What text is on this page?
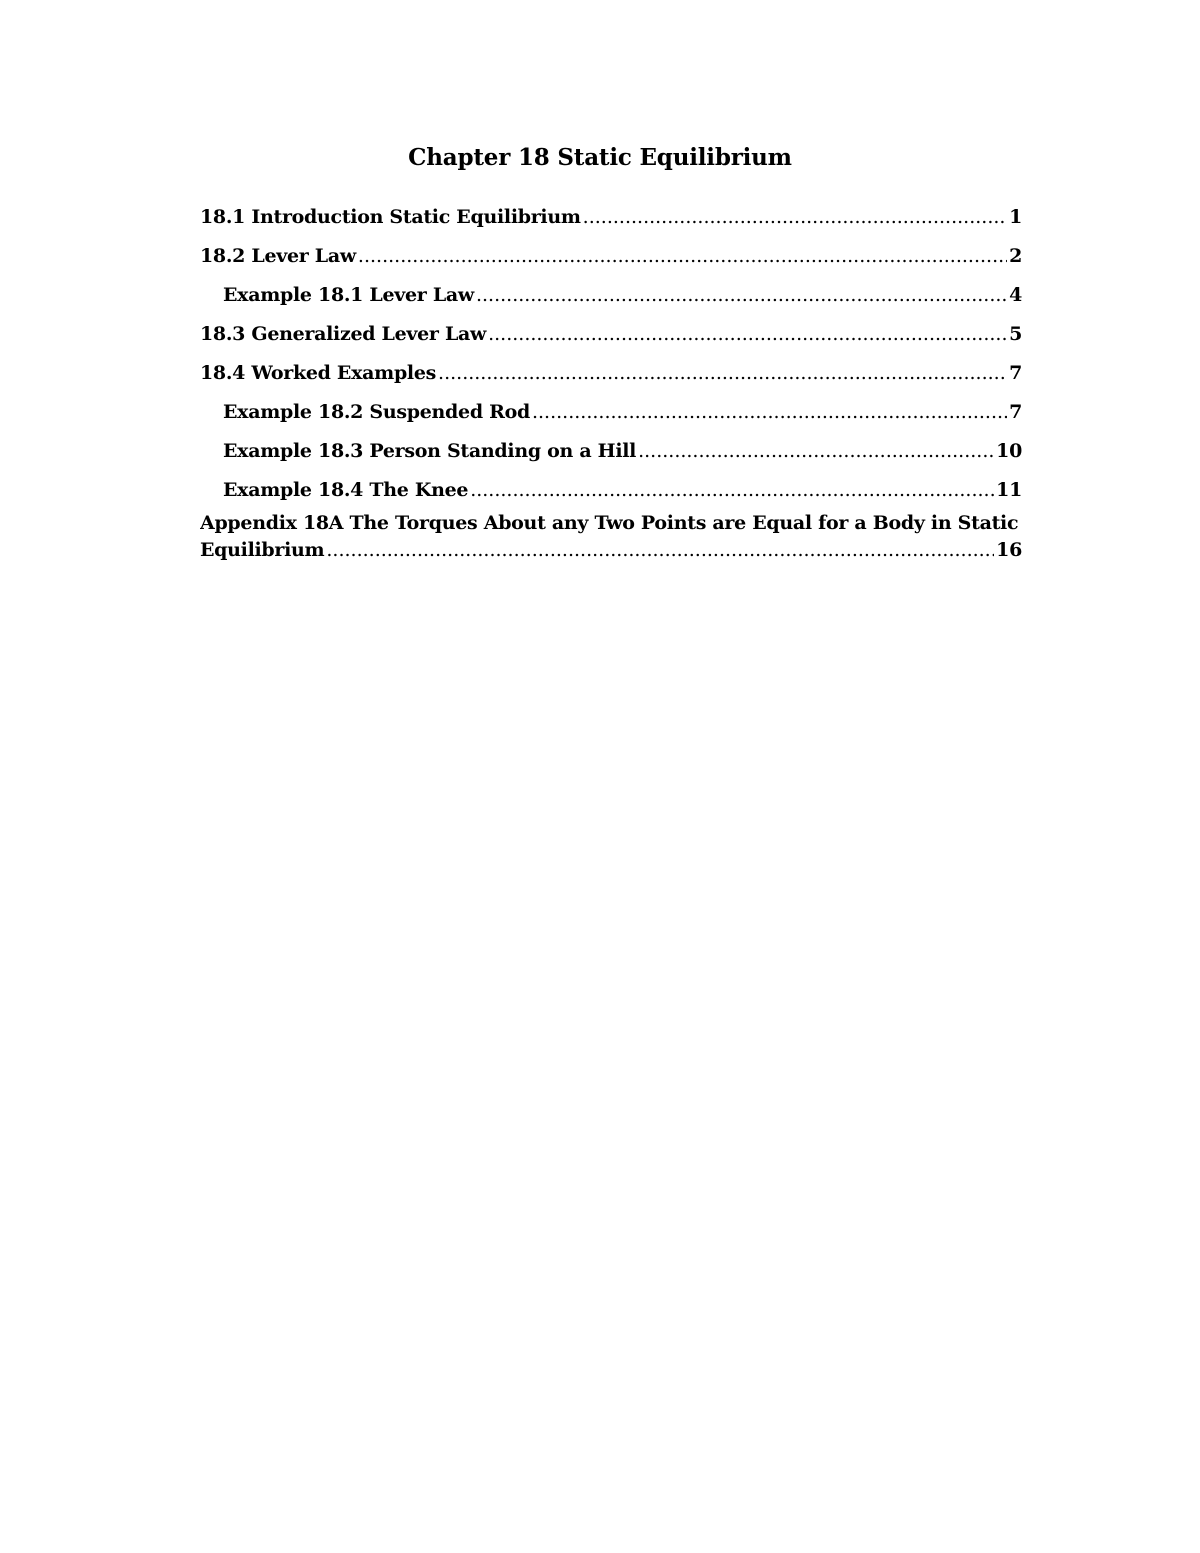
Chapter 18 Static Equilibrium
18.1 Introduction Static Equilibrium .....	1
18.2 Lever Law .....	2
Example 18.1 Lever Law .....	4
18.3 Generalized Lever Law .....	5
18.4 Worked Examples .....	7
Example 18.2 Suspended Rod .....	7
Example 18.3 Person Standing on a Hill .....	10
Example 18.4 The Knee .....	11
Appendix 18A The Torques About any Two Points are Equal for a Body in Static
Equilibrium .....	16
